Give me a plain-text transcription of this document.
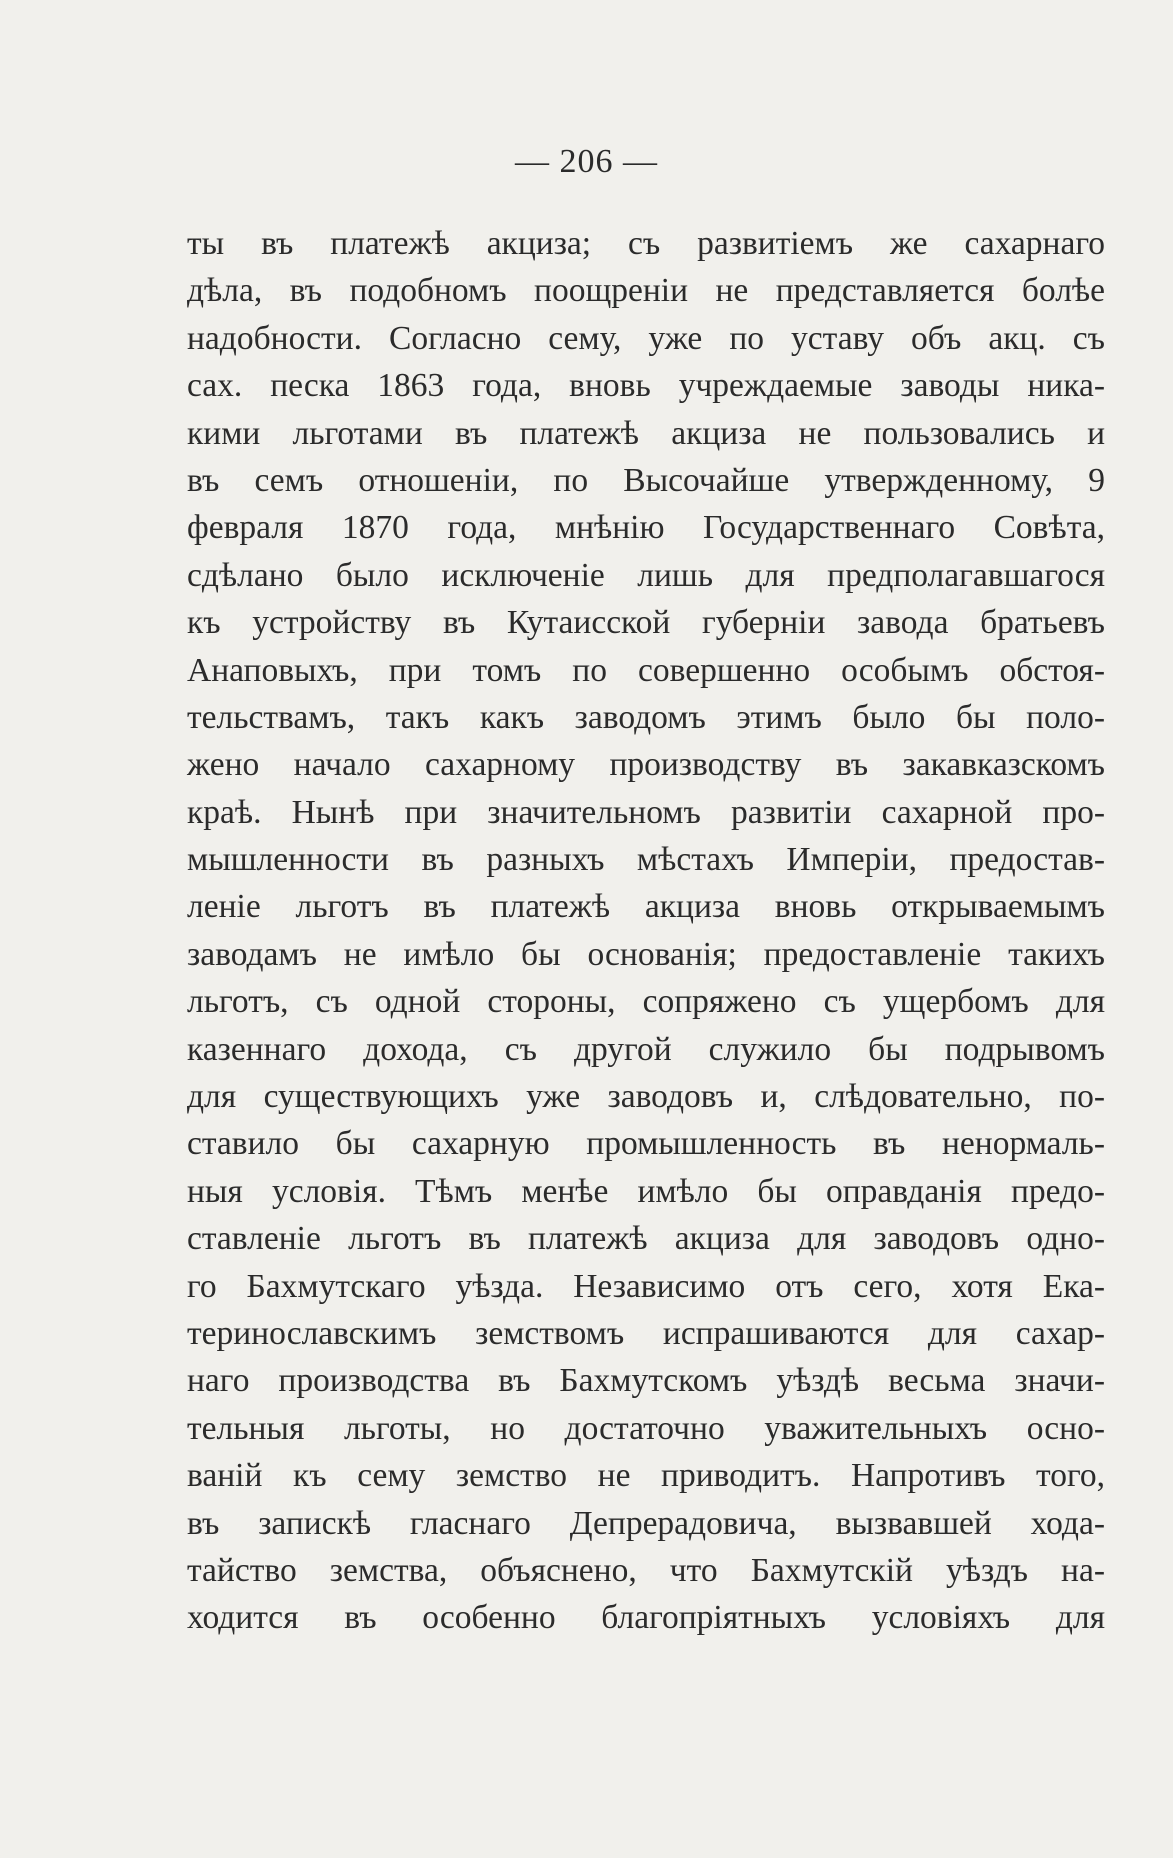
— 206 —
ты въ платежѣ акциза; съ развитіемъ же сахарнаго
дѣла, въ подобномъ поощреніи не представляется болѣе
надобности. Согласно сему, уже по уставу объ акц. съ
сах. песка 1863 года, вновь учреждаемые заводы ника-
кими льготами въ платежѣ акциза не пользовались и
въ семъ отношеніи, по Высочайше утвержденному, 9
февраля 1870 года, мнѣнію Государственнаго Совѣта,
сдѣлано было исключеніе лишь для предполагавшагося
къ устройству въ Кутаисской губерніи завода братьевъ
Анаповыхъ, при томъ по совершенно особымъ обстоя-
тельствамъ, такъ какъ заводомъ этимъ было бы поло-
жено начало сахарному производству въ закавказскомъ
краѣ. Нынѣ при значительномъ развитіи сахарной про-
мышленности въ разныхъ мѣстахъ Имперіи, предостав-
леніе льготъ въ платежѣ акциза вновь открываемымъ
заводамъ не имѣло бы основанія; предоставленіе такихъ
льготъ, съ одной стороны, сопряжено съ ущербомъ для
казеннаго дохода, съ другой служило бы подрывомъ
для существующихъ уже заводовъ и, слѣдовательно, по-
ставило бы сахарную промышленность въ ненормаль-
ныя условія. Тѣмъ менѣе имѣло бы оправданія предо-
ставленіе льготъ въ платежѣ акциза для заводовъ одно-
го Бахмутскаго уѣзда. Независимо отъ сего, хотя Ека-
теринославскимъ земствомъ испрашиваются для сахар-
наго производства въ Бахмутскомъ уѣздѣ весьма значи-
тельныя льготы, но достаточно уважительныхъ осно-
ваній къ сему земство не приводитъ. Напротивъ того,
въ запискѣ гласнаго Депрерадовича, вызвавшей хода-
тайство земства, объяснено, что Бахмутскій уѣздъ на-
ходится въ особенно благопріятныхъ условіяхъ для
